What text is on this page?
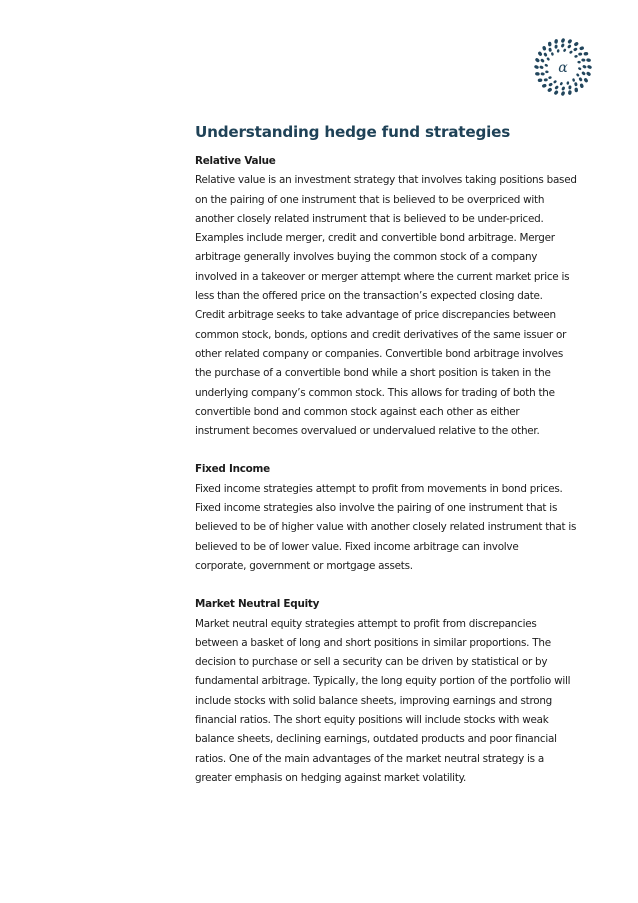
α
Understanding hedge fund strategies
Relative Value

Relative value is an investment strategy that involves taking positions based
on the pairing of one instrument that is believed to be overpriced with
another closely related instrument that is believed to be under-priced.
Examples include merger, credit and convertible bond arbitrage. Merger
arbitrage generally involves buying the common stock of a company
involved in a takeover or merger attempt where the current market price is
less than the offered price on the transaction’s expected closing date.
Credit arbitrage seeks to take advantage of price discrepancies between
common stock, bonds, options and credit derivatives of the same issuer or
other related company or companies. Convertible bond arbitrage involves
the purchase of a convertible bond while a short position is taken in the
underlying company’s common stock. This allows for trading of both the
convertible bond and common stock against each other as either
instrument becomes overvalued or undervalued relative to the other.

Fixed Income

Fixed income strategies attempt to profit from movements in bond prices.
Fixed income strategies also involve the pairing of one instrument that is
believed to be of higher value with another closely related instrument that is
believed to be of lower value. Fixed income arbitrage can involve
corporate, government or mortgage assets.

Market Neutral Equity

Market neutral equity strategies attempt to profit from discrepancies
between a basket of long and short positions in similar proportions. The
decision to purchase or sell a security can be driven by statistical or by
fundamental arbitrage. Typically, the long equity portion of the portfolio will
include stocks with solid balance sheets, improving earnings and strong
financial ratios. The short equity positions will include stocks with weak
balance sheets, declining earnings, outdated products and poor financial
ratios. One of the main advantages of the market neutral strategy is a
greater emphasis on hedging against market volatility.
